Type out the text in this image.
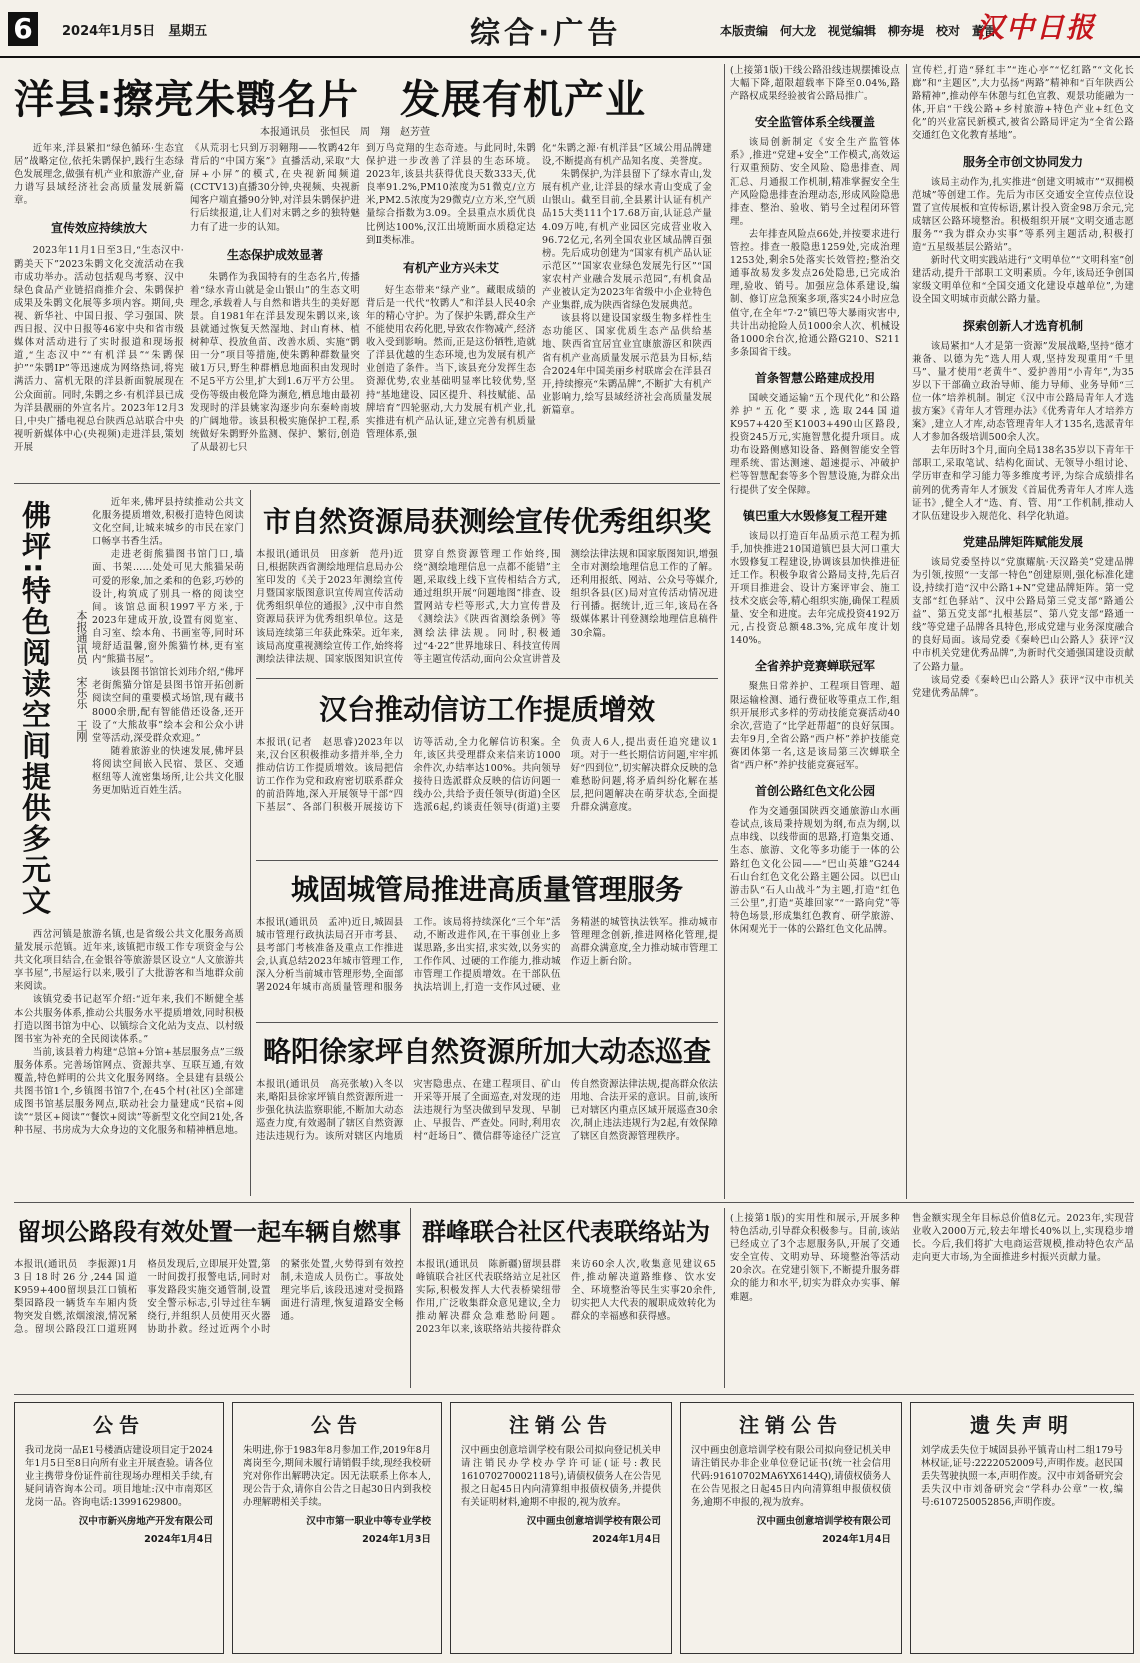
6	2024年1月5日　星期五	综合·广告	本版责编　何大龙　视觉编辑　柳夯堤　校对　董雷
汉中日报
洋县:擦亮朱鹮名片　发展有机产业
本报通讯员　张恒民　周　翔　赵芳萱
近年来,洋县紧扣“绿色循环·生态宜居”战略定位,依托朱鹮保护,践行生态绿色发展理念,做强有机产业和旅游产业,奋力谱写县域经济社会高质量发展新篇章。
宣传效应持续放大
2023年11月1日至3日,“生态汉中·鹮美天下”2023朱鹮文化交流活动在我市成功举办。活动包括观鸟考察、汉中绿色食品产业链招商推介会、朱鹮保护成果及朱鹮文化展等多项内容。期间,央视、新华社、中国日报、学习强国、陕西日报、汉中日报等46家中央和省市级媒体对活动进行了实时报道和现场报道,“生态汉中”“有机洋县”“朱鹮保护”“朱鹮IP”等迅速成为网络热词,将宪满活力、富机无限的洋县新面貌展现在公众面前。同时,朱鹮之乡·有机洋县已成为洋县靓丽的外宣名片。2023年12月3日,中央广播电视总台陕西总站联合中央视听新媒体中心(央视频)走进洋县,策划开展
《从荒羽七只到万羽翱翔——牧鹮42年背后的“中国方案”》直播活动,采取“大屏+小屏”的模式,在央视新闻频道(CCTV13)直播30分钟,央视频、央视新闻客户端直播90分钟,对洋县朱鹮保护进行后续报道,让人们对末鹮之乡的独特魅力有了进一步的认知。
生态保护成效显著
朱鹮作为我国特有的生态名片,传播着“绿水青山就是金山银山”的生态文明理念,承载着人与自然和谐共生的美好愿景。自1981年在洋县发现朱鹮以来,该县就通过恢复天然湿地、封山育林、植树种草、投放鱼苗、改善水质、实施“鹮田一分”项目等措施,使朱鹮种群数量突破1万只,野生种群栖息地面积由发现时不足5平方公里,扩大到1.6万平方公里。受伤等级由极危降为濒危,栖息地由最初发现时的洋县姚家沟逐步向东秦岭南坡的广阔地带。该县积极实施保护工程,系统做好朱鹮野外监测、保护、繁衍,创造了从最初七只
到万鸟竞翔的生态奇迹。与此同时,朱鹮保护进一步改善了洋县的生态环境。2023年,该县共获得优良天数333天,优良率91.2%,PM10浓度为51微克/立方米,PM2.5浓度为29微克/立方米,空气质量综合指数为3.09。全县重点水质优良比例达100%,汉江出境断面水质稳定达到Ⅱ类标准。
有机产业方兴未艾
好生态带来“绿产业”。藏眼成绩的背后是一代代“牧鹮人”和洋县人民40余年的精心守护。为了保护朱鹮,群众生产不能使用农药化肥,导致农作物减产,经济收入受到影响。然而,正是这份牺牲,造就了洋县优越的生态环境,也为发展有机产业创造了条件。当下,该县充分发挥生态资源优势,农业基础明显率比较优势,坚持“基地建设、园区提升、科技赋能、品牌培育”四轮驱动,大力发展有机产业,扎实推进有机产品认证,建立完善有机质量管理体系,强
化“朱鹮之源·有机洋县”区域公用品牌建设,不断提高有机产品知名度、美誉度。
朱鹮保护,为洋县留下了绿水青山,发展有机产业,让洋县的绿水青山变成了金山银山。截至目前,全县累计认证有机产品15大类111个17.68万亩,认证总产量4.09万吨,有机产业园区完成营业收入96.72亿元,名列全国农业区域品牌百强榜。先后成功创建为“国家有机产品认证示范区”“国家农业绿色发展先行区”“国家农村产业融合发展示范园”,有机食品产业被认定为2023年省级中小企业特色产业集群,成为陕西省绿色发展典范。
该县将以建设国家级生物多样性生态功能区、国家优质生态产品供给基地、陕西省宜居宜业宜康旅游区和陕西省有机产业高质量发展示范县为目标,结合2024年中国美丽乡村联席会在洋县召开,持续擦亮“朱鹮品牌”,不断扩大有机产业影响力,绘写县域经济社会高质量发展新篇章。
(上接第1版)干线公路沿线违规摆摊设点大幅下降,超限超载率下降至0.04%,路产路权成果经验被省公路局推广。
安全监管体系全线覆盖
该局创新制定《安全生产监管体系》,推进“党建+安全”工作模式,高效运行双重预防、安全风险、隐患排查、周汇总、月通报工作机制,精准掌握安全生产风险隐患排查治理动态,形成风险隐患排查、整治、验收、销号全过程闭环管理。
去年排查风险点66处,并按要求进行管控。排查一般隐患1259处,完成治理1253处,剩余5处落实长效管控;整治交通事故易发多发点26处隐患,已完成治理,验收、销号。加强应急体系建设,编制、修订应急预案多项,落实24小时应急值守,在全年“7·2”镇巴等大暴雨灾害中,共计出动抢险人员1000余人次、机械设备1000余台次,抢通公路G210、S211多条国省干线。
首条智慧公路建成投用
国峡交通运输“五个现代化”和公路养护“五化”要求,选取244国道K957+420至K1003+490山区路段,投资245万元,实施智慧化提升项目。成功布设路侧感知设备、路侧智能安全管理系统、雷达测速、超速提示、冲破护栏等智慧配套等多个智慧设施,为群众出行提供了安全保障。
镇巴重大水毁修复工程开建
该局以打造百年品质示范工程为抓手,加快推进210国道镇巴县大河口重大水毁修复工程建设,协调该县加快推进征迁工作。积极争取省公路局支持,先后召开项目推进会、设计方案评审会、施工技术交底会等,精心组织实施,确保工程质量、安全和进度。去年完成投资4192万元,占投资总额48.3%,完成年度计划140%。
全省养护竞赛蝉联冠军
聚焦日常养护、工程项目管理、超限运输检测、通行费征收等重点工作,组织开展形式多样的劳动技能竞赛活动40余次,营造了“比学赶帮超”的良好氛围。去年9月,全省公路“西户杯”养护技能竞赛团体第一名,这是该局第三次蝉联全省“西户杯”养护技能竞赛冠军。
首创公路红色文化公园
作为交通强国陕西交通旅游山水画卷试点,该局秉持规划为纲,布点为纲,以点串线、以线带面的思路,打造集交通、生态、旅游、文化等多功能于一体的公路红色文化公园——“巴山英雄”G244石山台红色文化公路主题公园。以巴山游击队“石人山战斗”为主题,打造“红色三公里”,打造“英雄回家”“一路向党”等特色场景,形成集红色教育、研学旅游、休闲观光于一体的公路红色文化品牌。
宣传栏,打造“驿红丰”“连心亭”“忆红路”“文化长廊”和“主题区”,大力弘扬“两路”精神和“百年陕西公路精神”,推动停车休憩与红色宣教、观景功能融为一体,开启“干线公路+乡村旅游+特色产业+红色文化”的兴业富民新模式,被省公路局评定为“全省公路交通红色文化教育基地”。
服务全市创文协同发力
该局主动作为,扎实推进“创建文明城市”“双拥模范城”等创建工作。先后为市区交通安全宣传点位设置了宣传展板和宣传标语,累计投入资金98万余元,完成辖区公路环境整治。积极组织开展“文明交通志愿服务”“我为群众办实事”等系列主题活动,积极打造“五星级基层公路站”。
新时代文明实践站进行“文明单位”“文明科室”创建活动,提升干部职工文明素质。今年,该局还争创国家级文明单位和“全国交通文化建设卓越单位”,为建设全国文明城市贡献公路力量。
探索创新人才选育机制
该局紧扣“人才是第一资源”发展战略,坚持“德才兼备、以德为先”选人用人观,坚持发现重用“千里马”、量才使用“老黄牛”、爱护善用“小青年”,为35岁以下干部确立政治导师、能力导师、业务导师“三位一体”培养机制。制定《汉中市公路局青年人才选拔方案》《青年人才管理办法》《优秀青年人才培养方案》,建立人才库,动态管理青年人才135名,选派青年人才参加各级培训500余人次。
去年历时3个月,面向全局138名35岁以下青年干部职工,采取笔试、结构化面试、无领导小组讨论、学历审查和学习能力等多维度考评,为综合成绩排名前列的优秀青年人才颁发《首届优秀青年人才库人选证书》,健全人才“选、育、管、用”工作机制,推动人才队伍建设步入规范化、科学化轨道。
党建品牌矩阵赋能发展
该局党委坚持以“党旗耀航·天汉路美”党建品牌为引领,按照“一支部一特色”创建原则,强化标准化建设,持续打造“汉中公路1+N”党建品牌矩阵。第一党支部“红色驿站”、汉中公路局第三党支部“路通公益”、第五党支部“扎根基层”、第八党支部“路通一线”等党建子品牌各具特色,形成党建与业务深度融合的良好局面。该局党委《秦岭巴山公路人》获评“汉中市机关党建优秀品牌”,为新时代交通强国建设贡献了公路力量。
该局党委《秦岭巴山公路人》获评“汉中市机关党建优秀品牌”。
佛坪:特色阅读空间提供多元文
本报通讯员　宋乐乐　王刚
近年来,佛坪县持续推动公共文化服务提质增效,积极打造特色阅读文化空间,让城来城乡的市民在家门口畅享书香生活。
走进老街熊猫图书馆门口,墙面、书架……处处可见大熊猫呆萌可爱的形象,加之柔和的色彩,巧妙的设计,构筑成了别具一格的阅读空间。该馆总面积1997平方米,于2023年建成开放,设置有阅览室、自习室、绘本角、书画室等,同时环境舒适温馨,窗外熊猫竹林,更有室内“熊猫书屋”。
该县图书馆馆长刘玮介绍,“佛坪老街熊猫分馆是县图书馆开拓创新阅读空间的重要模式场馆,现有藏书8000余册,配有智能借还设备,还开设了“大熊故事”绘本会和公众小讲堂等活动,深受群众欢迎。”
随着旅游业的快速发展,佛坪县将阅读空间嵌入民宿、景区、交通枢纽等人流密集场所,让公共文化服务更加贴近百姓生活。
西岔河镇是旅游名镇,也是省级公共文化服务高质量发展示范镇。近年来,该镇把市级工作专项资金与公共文化项目结合,在金银谷等旅游景区设立“人文旅游共享书屋”,书屋运行以来,吸引了大批游客和当地群众前来阅读。
该镇党委书记赵军介绍:“近年来,我们不断健全基本公共服务体系,推动公共服务水平提质增效,同时积极打造以图书馆为中心、以镇综合文化站为支点、以村级图书室为补充的全民阅读体系。”
当前,该县着力构建“总馆+分馆+基层服务点”三级服务体系。完善场馆网点、资源共享、互联互通,有效覆盖,特色鲜明的公共文化服务网络。全县建有县级公共图书馆1个,乡镇图书馆7个,在45个村(社区)全部建成图书馆基层服务网点,联动社会力量建成“民宿+阅读”“景区+阅读”“餐饮+阅读”等新型文化空间21处,各种书屋、书房成为大众身边的文化服务和精神栖息地。
市自然资源局获测绘宣传优秀组织奖
本报讯(通讯员　田彦新　范丹)近日,根据陕西省测绘地理信息局办公室印发的《关于2023年测绘宣传月暨国家版图意识宣传周宣传活动优秀组织单位的通报》,汉中市自然资源局获评为优秀组织单位。这是该局连续第三年获此殊荣。近年来,该局高度重视测绘宣传工作,始终将测绘法律法规、国家版图知识宣传贯穿自然资源管理工作始终,围绕“测绘地理信息一点都不能错”主题,采取线上线下宣传相结合方式,通过组织开展“问题地图”排查、设置网站专栏等形式,大力宣传普及《测绘法》《陕西省测绘条例》等测绘法律法规。同时,积极通过“4·22”世界地球日、科技宣传周等主题宣传活动,面向公众宣讲普及测绘法律法规和国家版图知识,增强全市对测绘地理信息工作的了解。还利用报纸、网站、公众号等媒介,组织各县(区)局对宣传活动情况进行刊播。据统计,近三年,该局在各级媒体累计刊登测绘地理信息稿件30余篇。
汉台推动信访工作提质增效
本报讯(记者　赵思睿)2023年以来,汉台区积极推动多措并举,全力推动信访工作提质增效。该局把信访工作作为党和政府密切联系群众的前沿阵地,深入开展领导干部“四下基层”、各部门积极开展接访下访等活动,全力化解信访积案。全年,该区共受理群众来信来访1000余件次,办结率达100%。共向领导接待日选派群众反映的信访问题一线办公,共给予责任领导(街道)全区选派6起,约谈责任领导(街道)主要负责人6人,提出责任追究建议1项。对于一些长期信访问题,牢牢抓好“四到位”,切实解决群众反映的急难愁盼问题,将矛盾纠纷化解在基层,把问题解决在萌芽状态,全面提升群众满意度。
城固城管局推进高质量管理服务
本报讯(通讯员　孟冲)近日,城固县城市管理行政执法局召开市考县、县考部门考核准备及重点工作推进会,认真总结2023年城市管理工作,深入分析当前城市管理形势,全面部署2024年城市高质量管理和服务工作。该局将持续深化“三个年”活动,不断改进作风,在干事创业上多谋思路,多出实招,求实效,以务实的工作作风、过硬的工作能力,推动城市管理工作提质增效。在干部队伍执法培训上,打造一支作风过硬、业务精湛的城管执法铁军。推动城市管理理念创新,推进网格化管理,提高群众满意度,全力推动城市管理工作迈上新台阶。
略阳徐家坪自然资源所加大动态巡查
本报讯(通讯员　高亮张敏)入冬以来,略阳县徐家坪镇自然资源所进一步强化执法监察职能,不断加大动态巡查力度,有效遏制了辖区自然资源违法违规行为。该所对辖区内地质灾害隐患点、在建工程项目、矿山开采等开展了全面巡查,对发现的违法违规行为坚决做到早发现、早制止、早报告、严查处。同时,利用农村“赶场日”、微信群等途径广泛宣传自然资源法律法规,提高群众依法用地、合法开采的意识。目前,该所已对辖区内重点区域开展巡查30余次,制止违法违规行为2起,有效保障了辖区自然资源管理秩序。
留坝公路段有效处置一起车辆自燃事
本报讯(通讯员　李振源)1月3日18时26分,244国道K959+400留坝县江口镇柘梨园路段一辆货车车厢内货物突发自燃,浓烟滚滚,情况紧急。留坝公路段江口道班网格员发现后,立即展开处置,第一时间拨打报警电话,同时对事发路段实施交通管制,设置安全警示标志,引导过往车辆绕行,并组织人员使用灭火器协助扑救。经过近两个小时的紧张处置,火势得到有效控制,未造成人员伤亡。事故处理完毕后,该段迅速对受损路面进行清理,恢复道路安全畅通。
群峰联合社区代表联络站为
本报讯(通讯员　陈新疆)留坝县群峰镇联合社区代表联络站立足社区实际,积极发挥人大代表桥梁纽带作用,广泛收集群众意见建议,全力推动解决群众急难愁盼问题。2023年以来,该联络站共接待群众来访60余人次,收集意见建议65件,推动解决道路维修、饮水安全、环境整治等民生实事20余件,切实把人大代表的履职成效转化为群众的幸福感和获得感。
(上接第1版)的实用性和展示,开展多种特色活动,引导群众积极参与。目前,该站已经成立了3个志愿服务队,开展了交通安全宣传、文明劝导、环境整治等活动20余次。在党建引领下,不断提升服务群众的能力和水平,切实为群众办实事、解难题。
售金额实现全年目标总价值8亿元。2023年,实现营业收入2000万元,较去年增长40%以上,实现稳步增长。今后,我们将扩大电商运营规模,推动特色农产品走向更大市场,为全面推进乡村振兴贡献力量。
公告
我司龙岗一品E1号楼酒店建设项目定于2024年1月5日至8日向所有业主开展查验。请各位业主携带身份证件前往现场办理相关手续,有疑问请咨询本公司。项目地址:汉中市南郑区龙岗一品。咨询电话:13991629800。
汉中市新兴房地产开发有限公司
2024年1月4日
公告
朱明进,你于1983年8月参加工作,2019年8月离岗至今,期间未履行请销假手续,现经我校研究对你作出解聘决定。因无法联系上你本人,现公告于众,请你自公告之日起30日内到我校办理解聘相关手续。
汉中市第一职业中等专业学校
2024年1月3日
注销公告
汉中画虫创意培训学校有限公司拟向登记机关申请注销民办学校办学许可证(证号:教民161070270002118号),请债权债务人在公告见报之日起45日内向清算组申报债权债务,并提供有关证明材料,逾期不申报的,视为放弃。
汉中画虫创意培训学校有限公司
2024年1月4日
注销公告
汉中画虫创意培训学校有限公司拟向登记机关申请注销民办非企业单位登记证书(统一社会信用代码:91610702MA6YX6144Q),请债权债务人在公告见报之日起45日内向清算组申报债权债务,逾期不申报的,视为放弃。
汉中画虫创意培训学校有限公司
2024年1月4日
遗失声明
刘学成丢失位于城固县孙平镇青山村二组179号林权证,证号:2222052009号,声明作废。赵民国丢失驾驶执照一本,声明作废。汉中市刘备研究会丢失汉中市刘备研究会“学科办公章”一枚,编号:6107250052856,声明作废。
